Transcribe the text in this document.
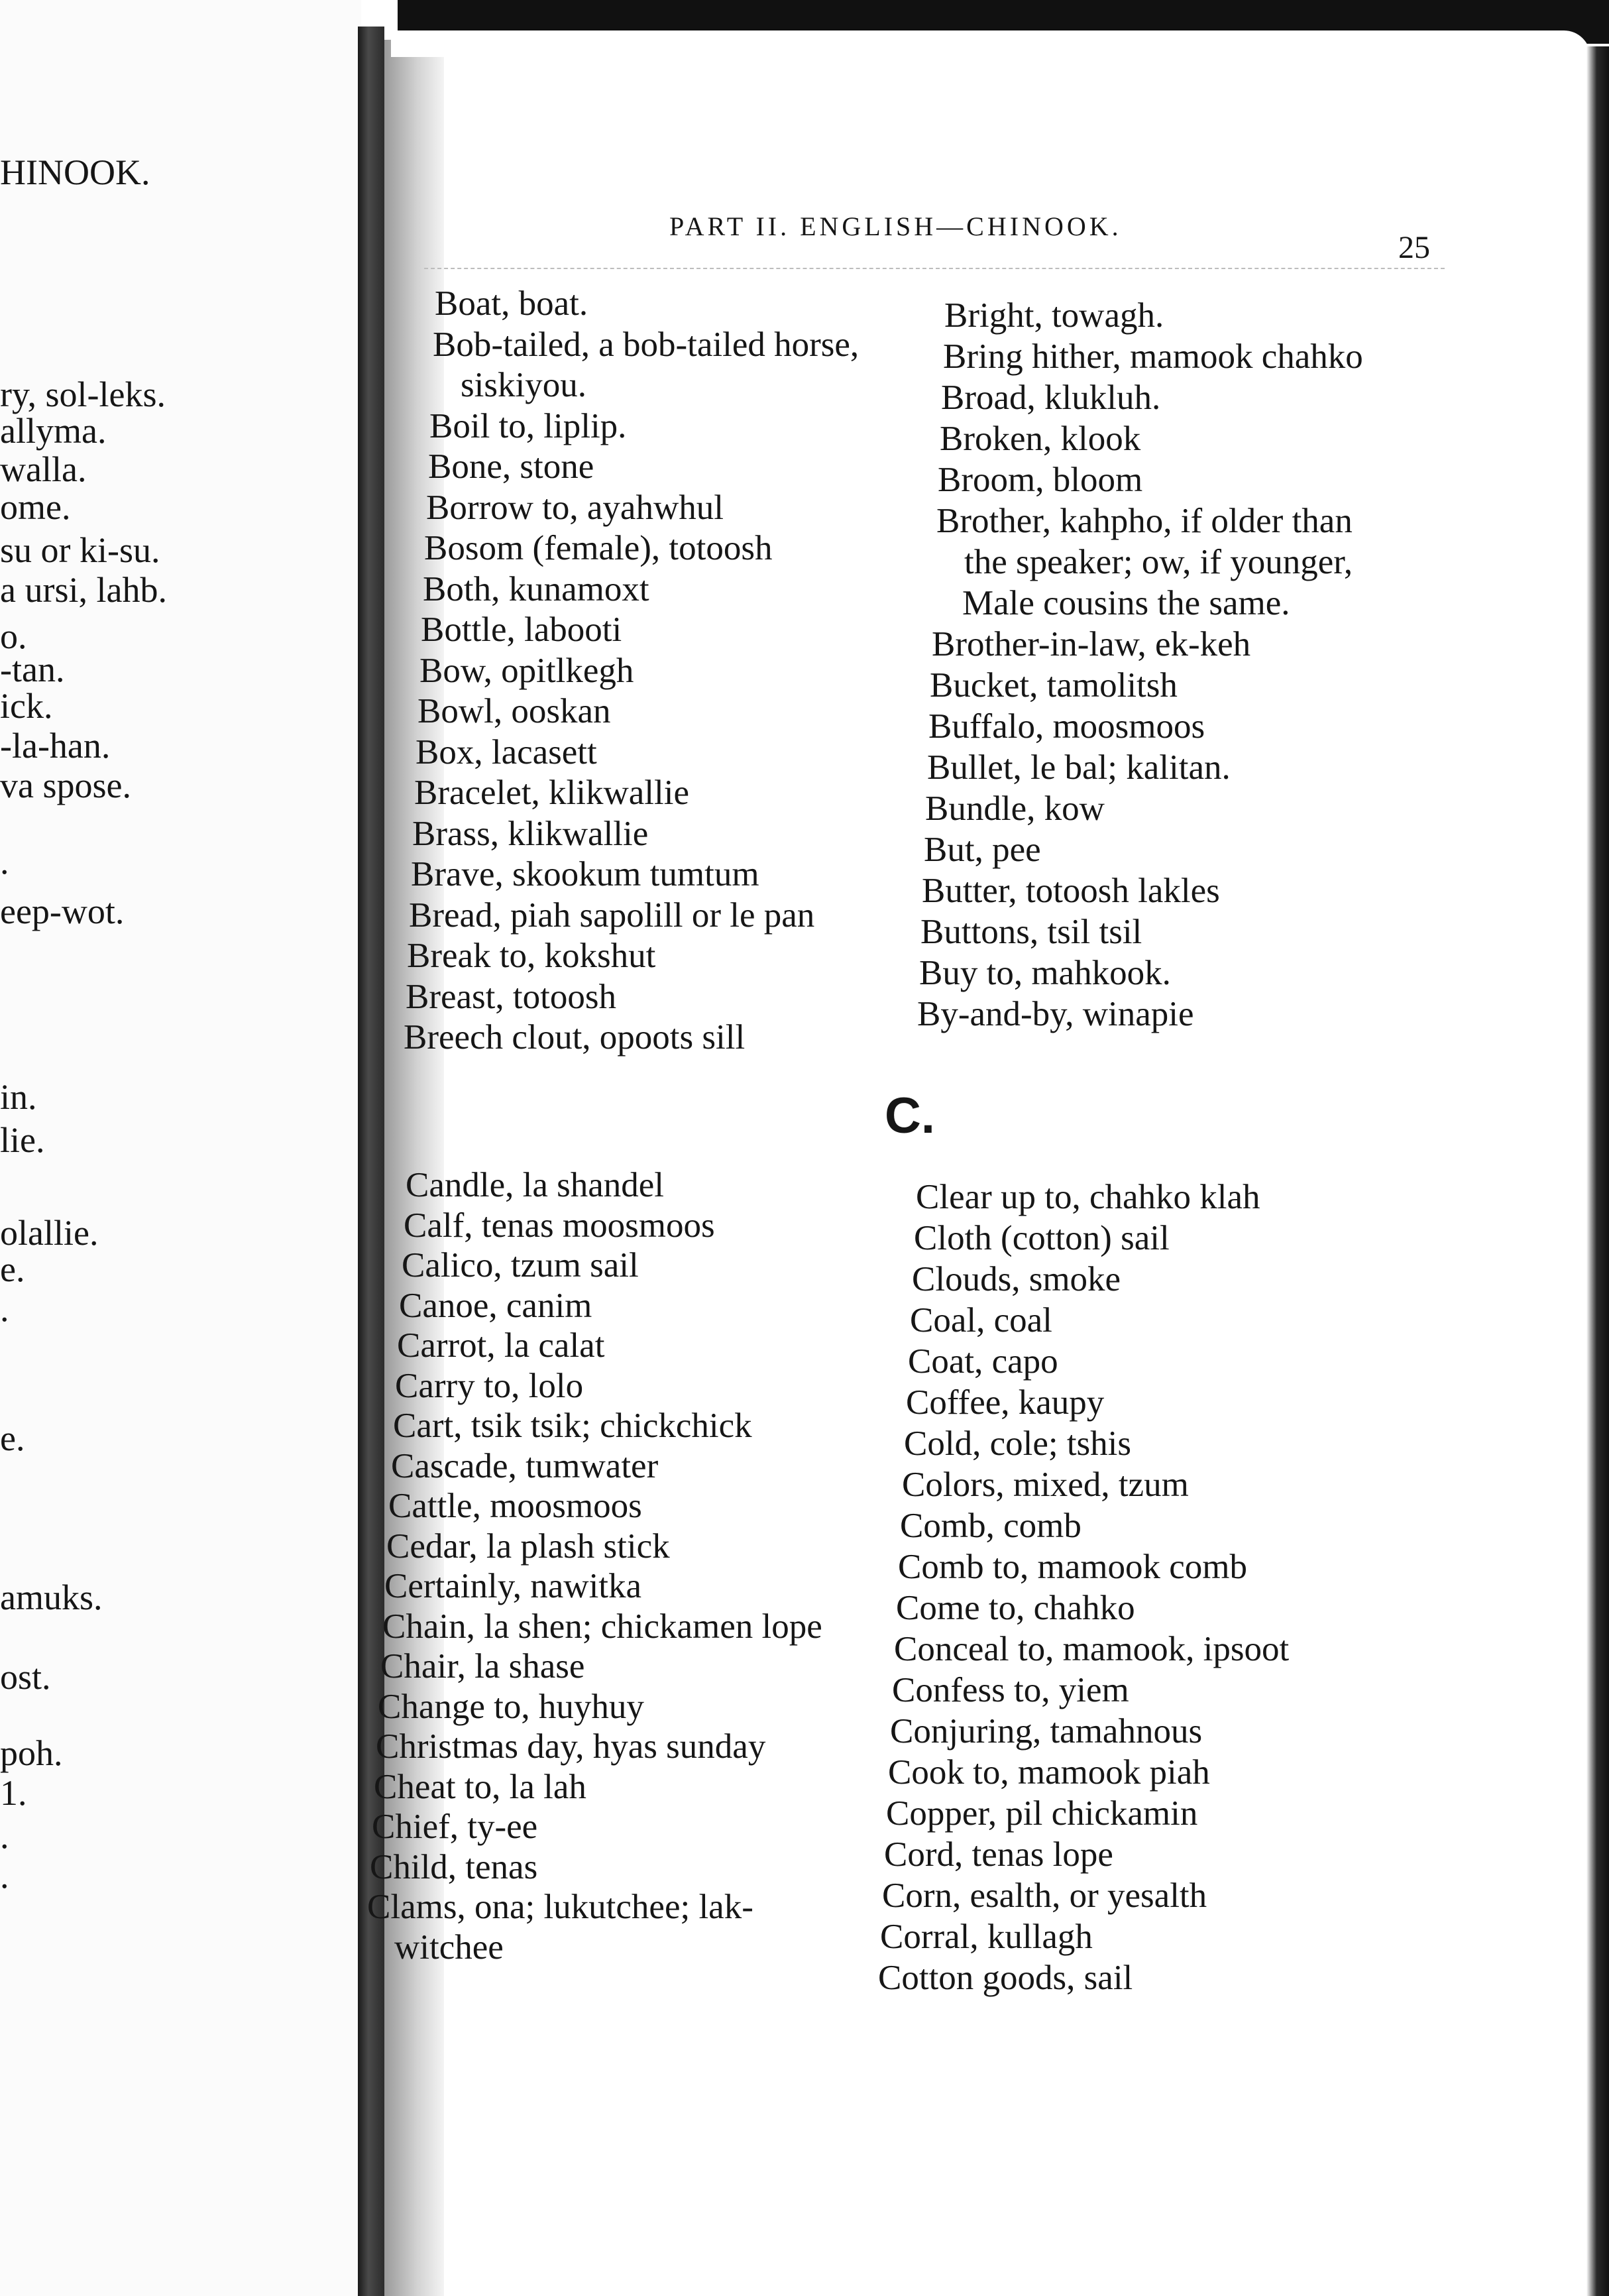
HINOOK.
ry, sol-leks.
allyma.
walla.
ome.
su or ki-su.
a ursi, lahb.
o.
-tan.
ick.
-la-han.
va spose.
.
eep-wot.
in.
lie.
olallie.
e.
.
e.
amuks.
ost.
poh.
1.
.
.
PART II. ENGLISH—CHINOOK.
25
Boat, boat.
Bob-tailed, a bob-tailed horse,
siskiyou.
Boil to, liplip.
Bone, stone
Borrow to, ayahwhul
Bosom (female), totoosh
Both, kunamoxt
Bottle, labooti
Bow, opitlkegh
Bowl, ooskan
Box, lacasett
Bracelet, klikwallie
Brass, klikwallie
Brave, skookum tumtum
Bread, piah sapolill or le pan
Break to, kokshut
Breast, totoosh
Breech clout, opoots sill
Bright, towagh.
Bring hither, mamook chahko
Broad, klukluh.
Broken, klook
Broom, bloom
Brother, kahpho, if older than
the speaker; ow, if younger,
Male cousins the same.
Brother-in-law, ek-keh
Bucket, tamolitsh
Buffalo, moosmoos
Bullet, le bal; kalitan.
Bundle, kow
But, pee
Butter, totoosh lakles
Buttons, tsil tsil
Buy to, mahkook.
By-and-by, winapie
C.
Candle, la shandel
Calf, tenas moosmoos
Calico, tzum sail
Canoe, canim
Carrot, la calat
Carry to, lolo
Cart, tsik tsik; chickchick
Cascade, tumwater
Cattle, moosmoos
Cedar, la plash stick
Certainly, nawitka
Chain, la shen; chickamen lope
Chair, la shase
Change to, huyhuy
Christmas day, hyas sunday
Cheat to, la lah
Chief, ty-ee
Child, tenas
Clams, ona; lukutchee; lak-
witchee
Clear up to, chahko klah
Cloth (cotton) sail
Clouds, smoke
Coal, coal
Coat, capo
Coffee, kaupy
Cold, cole; tshis
Colors, mixed, tzum
Comb, comb
Comb to, mamook comb
Come to, chahko
Conceal to, mamook, ipsoot
Confess to, yiem
Conjuring, tamahnous
Cook to, mamook piah
Copper, pil chickamin
Cord, tenas lope
Corn, esalth, or yesalth
Corral, kullagh
Cotton goods, sail
